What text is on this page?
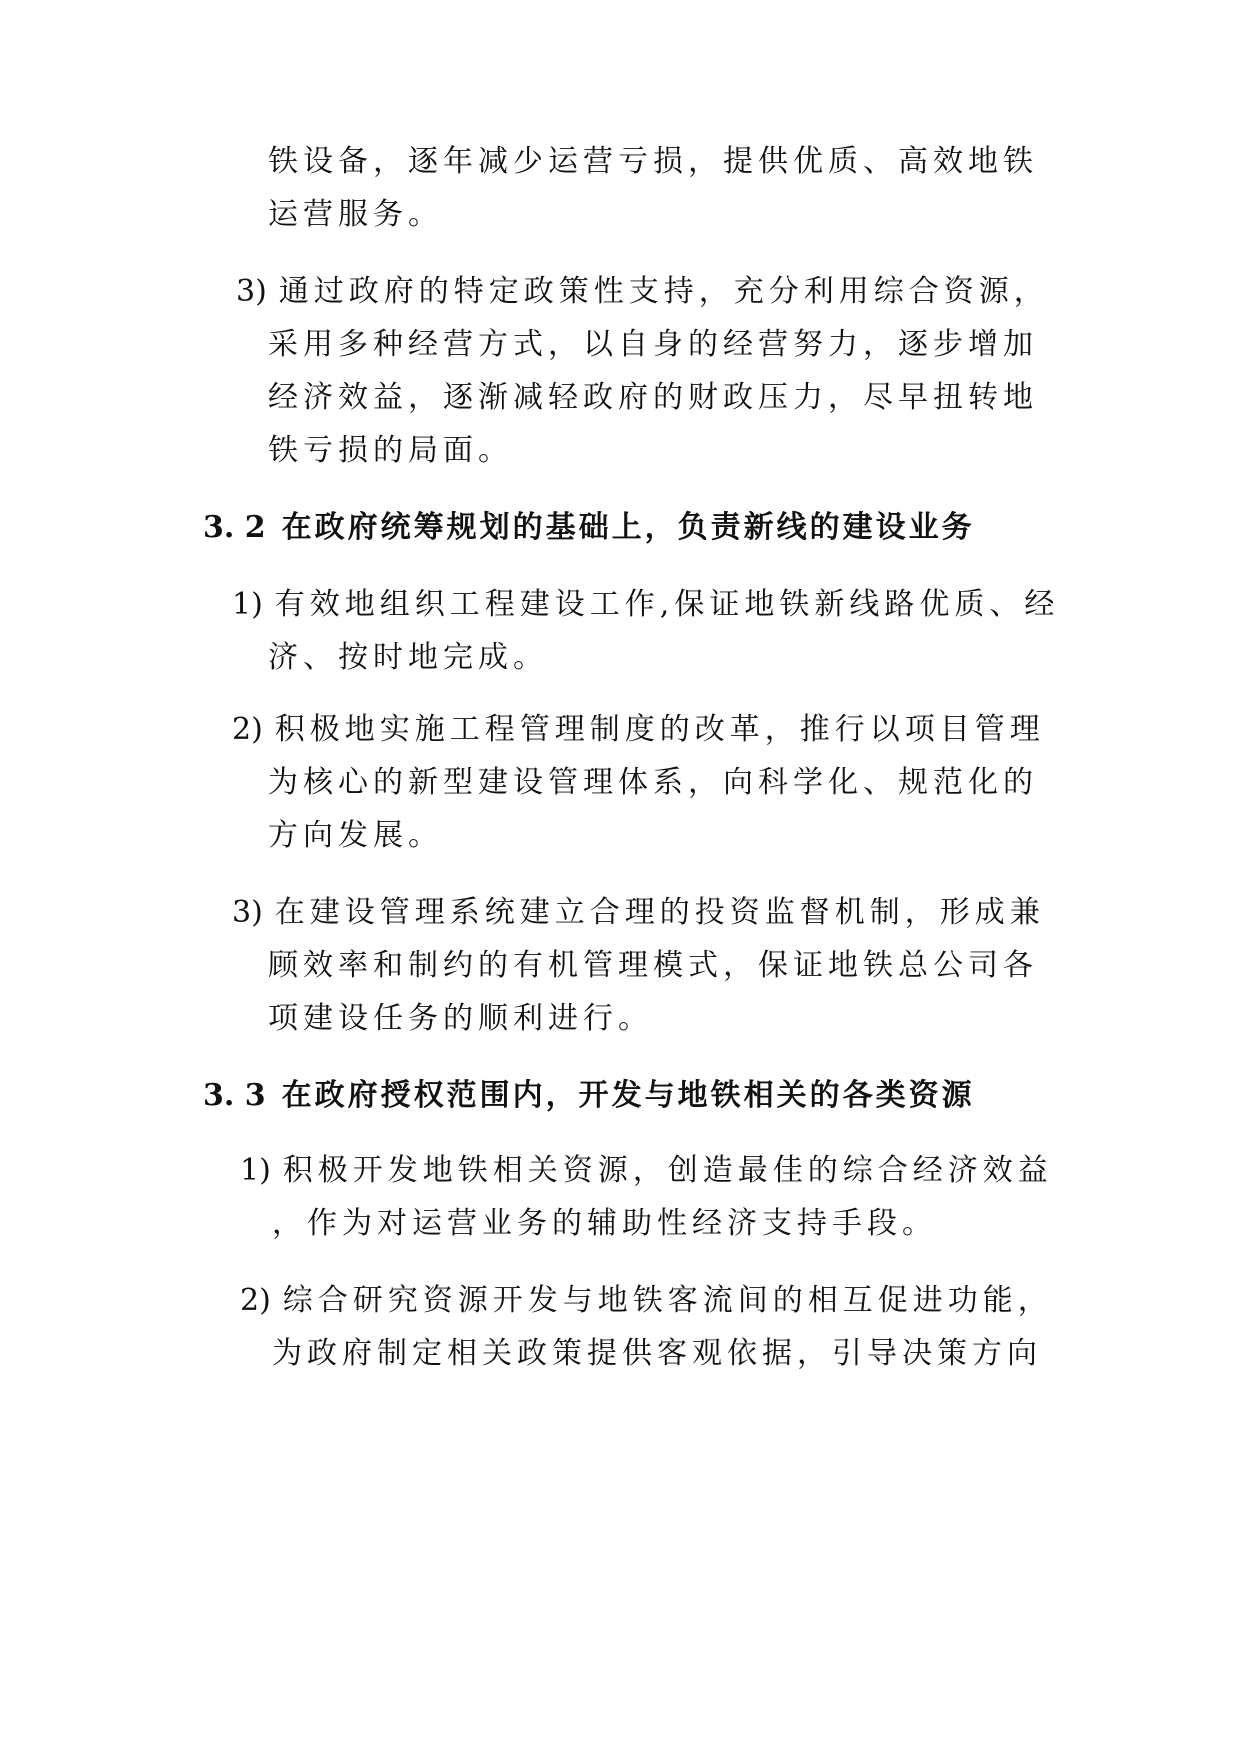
铁设备，逐年减少运营亏损，提供优质、高效地铁
运营服务。
3) 通过政府的特定政策性支持，充分利用综合资源，
采用多种经营方式，以自身的经营努力，逐步增加
经济效益，逐渐减轻政府的财政压力，尽早扭转地
铁亏损的局面。
3. 2 在政府统筹规划的基础上，负责新线的建设业务
1) 有效地组织工程建设工作,保证地铁新线路优质、经
济、按时地完成。
2) 积极地实施工程管理制度的改革，推行以项目管理
为核心的新型建设管理体系，向科学化、规范化的
方向发展。
3) 在建设管理系统建立合理的投资监督机制，形成兼
顾效率和制约的有机管理模式，保证地铁总公司各
项建设任务的顺利进行。
3. 3 在政府授权范围内，开发与地铁相关的各类资源
1) 积极开发地铁相关资源，创造最佳的综合经济效益
，作为对运营业务的辅助性经济支持手段。
2) 综合研究资源开发与地铁客流间的相互促进功能，
为政府制定相关政策提供客观依据，引导决策方向
